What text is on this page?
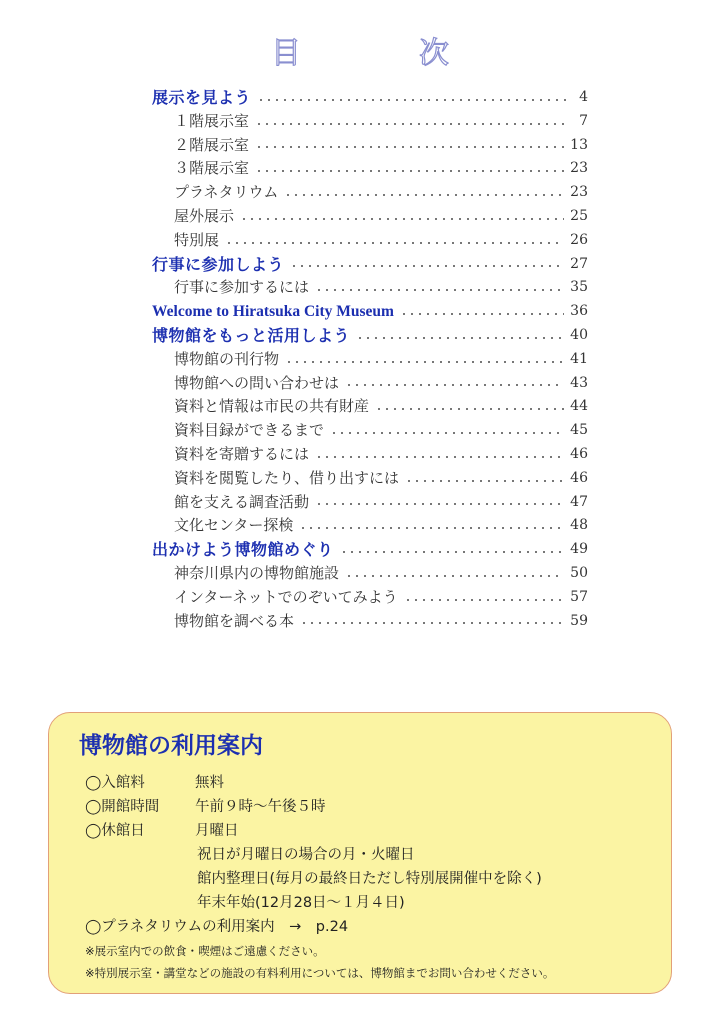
目　次
展示を見よう	4
１階展示室	7
２階展示室	13
３階展示室	23
プラネタリウム	23
屋外展示	25
特別展	26
行事に参加しよう	27
行事に参加するには	35
Welcome to Hiratsuka City Museum	36
博物館をもっと活用しよう	40
博物館の刊行物	41
博物館への問い合わせは	43
資料と情報は市民の共有財産	44
資料目録ができるまで	45
資料を寄贈するには	46
資料を閲覧したり、借り出すには	46
館を支える調査活動	47
文化センター探検	48
出かけよう博物館めぐり	49
神奈川県内の博物館施設	50
インターネットでのぞいてみよう	57
博物館を調べる本	59
博物館の利用案内
◯入館料	無料
◯開館時間 午前９時～午後５時
◯休館日	月曜日
祝日が月曜日の場合の月・火曜日
館内整理日(毎月の最終日ただし特別展開催中を除く)
年末年始(12月28日～１月４日)
◯プラネタリウムの利用案内　→　p.24
※展示室内での飲食・喫煙はご遠慮ください。
※特別展示室・講堂などの施設の有料利用については、博物館までお問い合わせください。
